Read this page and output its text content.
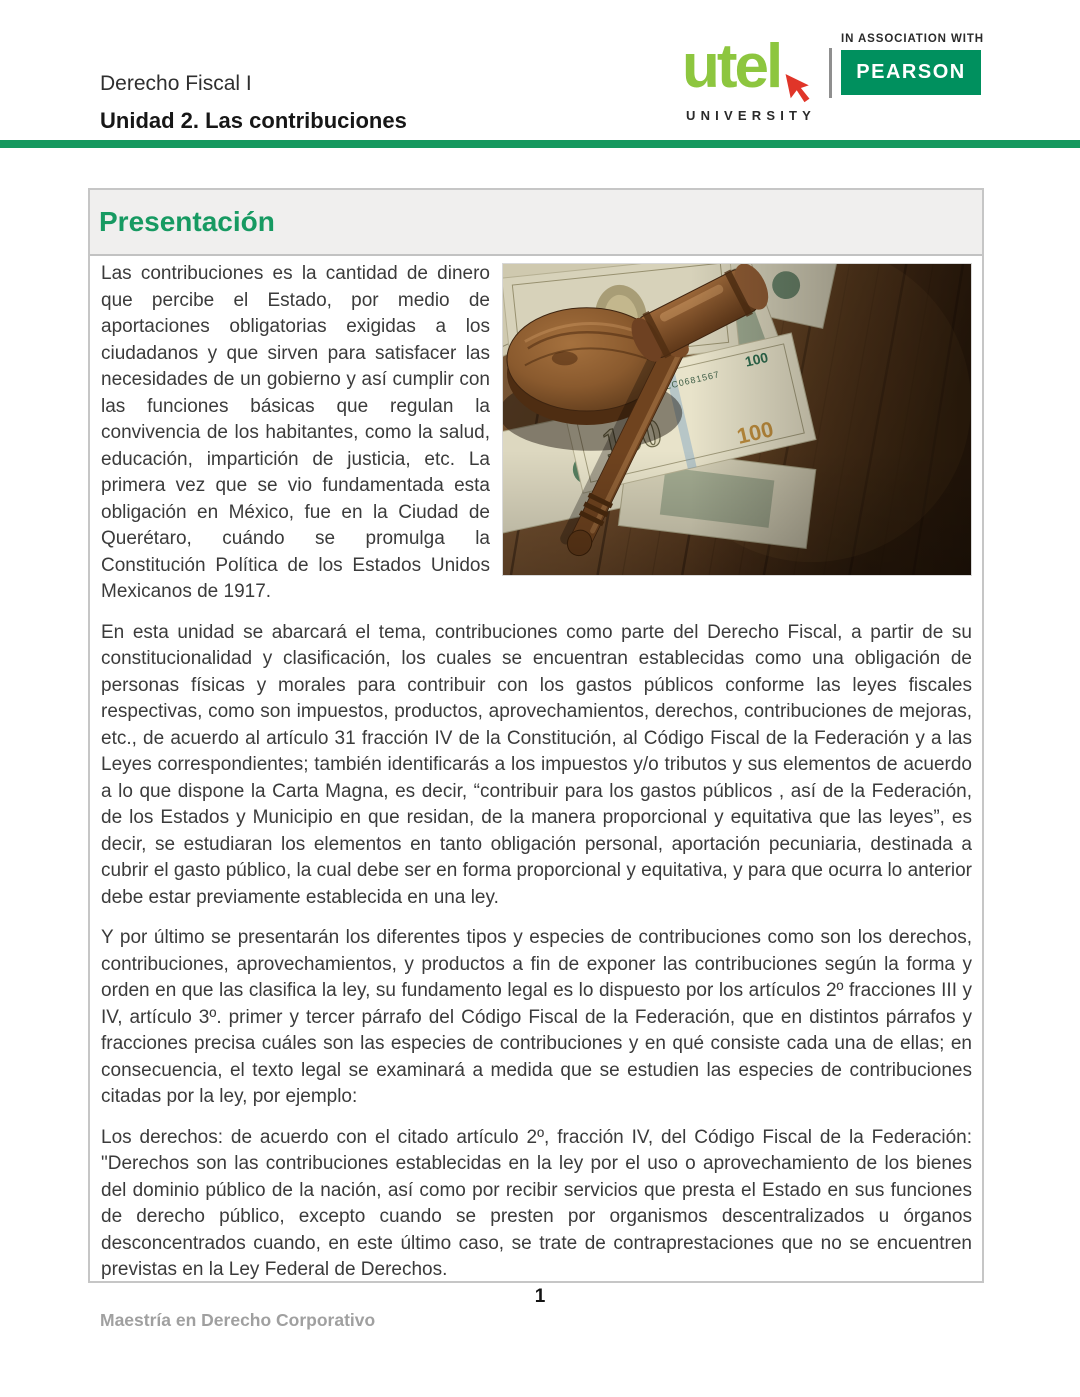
Derecho Fiscal I
Unidad 2. Las contribuciones
utel
UNIVERSITY
IN ASSOCIATION WITH
PEARSON
Presentación

Las contribuciones es la cantidad de dinero que percibe el Estado, por medio de aportaciones obligatorias exigidas a los ciudadanos y que sirven para satisfacer las necesidades de un gobierno y así cumplir con las funciones básicas que regulan la convivencia de los habitantes, como la salud, educación, impartición de justicia, etc. La primera vez que se vio fundamentada esta obligación en México, fue en la Ciudad de Querétaro, cuándo se promulga la Constitución Política de los Estados Unidos Mexicanos de 1917.

En esta unidad se abarcará el tema, contribuciones como parte del Derecho Fiscal, a partir de su constitucionalidad y clasificación, los cuales se encuentran establecidas como una obligación de personas físicas y morales para contribuir con los gastos públicos conforme las leyes fiscales respectivas, como son impuestos, productos, aprovechamientos, derechos, contribuciones de mejoras, etc., de acuerdo al artículo 31 fracción IV de la Constitución, al Código Fiscal de la Federación y a las Leyes correspondientes; también identificarás a los impuestos y/o tributos y sus elementos de acuerdo a lo que dispone la Carta Magna, es decir, “contribuir para los gastos públicos , así de la Federación, de los Estados y Municipio en que residan, de la manera proporcional y equitativa que las leyes”, es decir, se estudiaran los elementos en tanto obligación personal, aportación pecuniaria, destinada a cubrir el gasto público, la cual debe ser en forma proporcional y equitativa, y para que ocurra lo anterior debe estar previamente establecida en una ley.

Y por último se presentarán los diferentes tipos y especies de contribuciones como son los derechos, contribuciones, aprovechamientos, y productos a fin de exponer las contribuciones según la forma y orden en que las clasifica la ley, su fundamento legal es lo dispuesto por los artículos 2º fracciones III y IV, artículo 3º. primer y tercer párrafo del Código Fiscal de la Federación, que en distintos párrafos y fracciones precisa cuáles son las especies de contribuciones y en qué consiste cada una de ellas; en consecuencia, el texto legal se examinará a medida que se estudien las especies de contribuciones citadas por la ley, por ejemplo:

Los derechos: de acuerdo con el citado artículo 2º, fracción IV, del Código Fiscal de la Federación: "Derechos son las contribuciones establecidas en la ley por el uso o aprovechamiento de los bienes del dominio público de la nación, así como por recibir servicios que presta el Estado en sus funciones de derecho público, excepto cuando se presten por organismos descentralizados u órganos desconcentrados cuando, en este último caso, se trate de contraprestaciones que no se encuentren previstas en la Ley Federal de Derechos.

1
Maestría en Derecho Corporativo
